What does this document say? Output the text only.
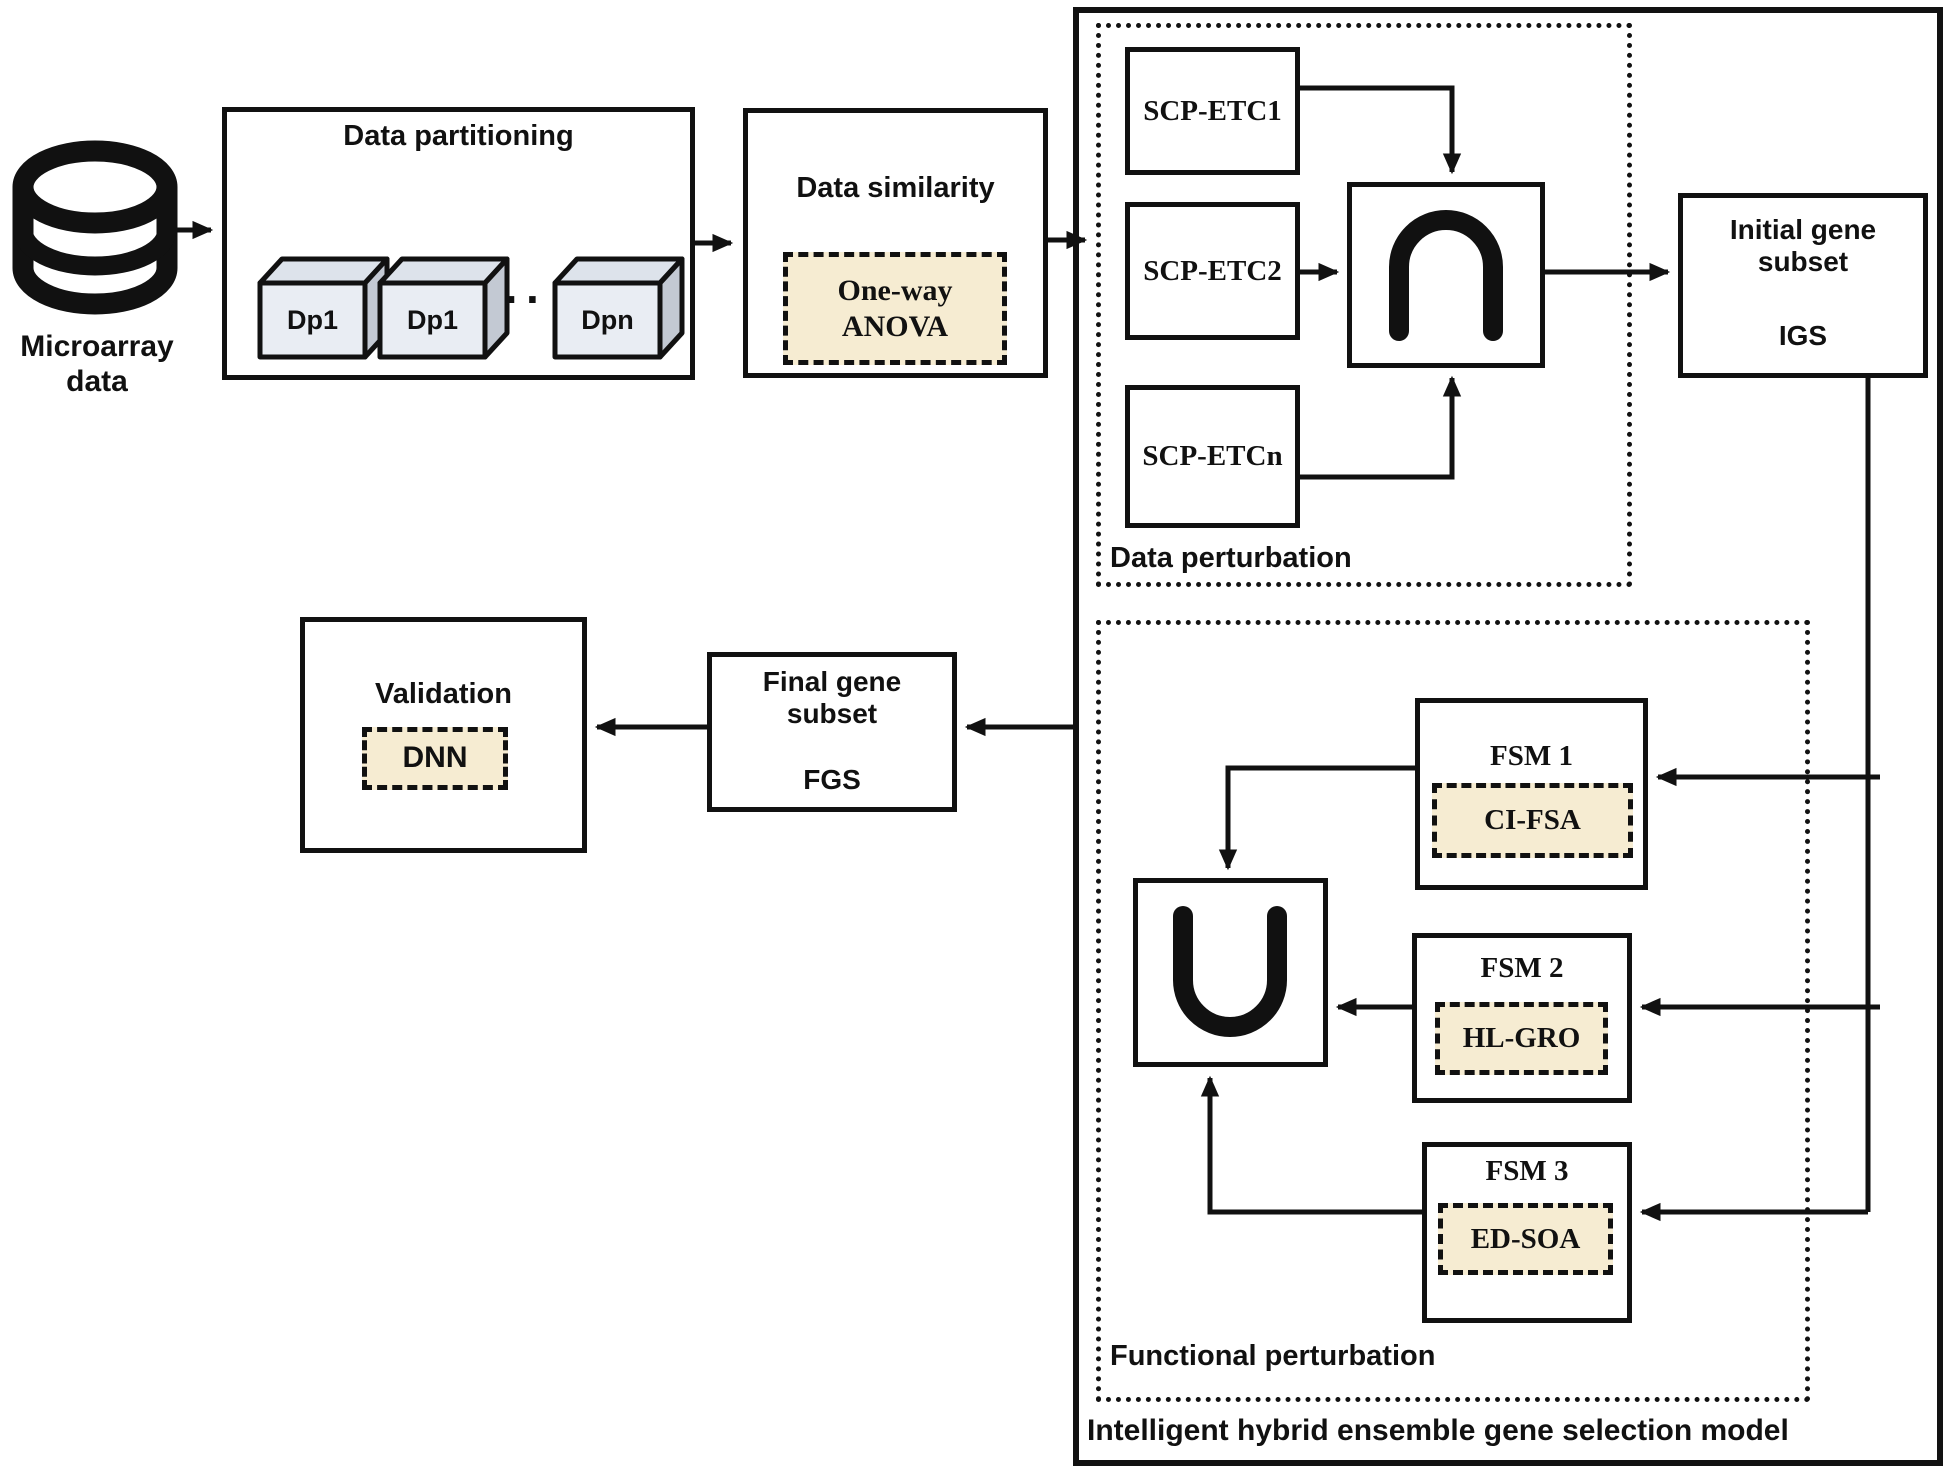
SCP-ETC1
SCP-ETC2
SCP-ETCn
Microarray data
Data partitioning
Dp1	Dp1	Dpn
··
Data similarity
One-way ANOVA
Data perturbation
Initial gene subset
IGS
FSM 1
CI-FSA
FSM 2
HL-GRO
FSM 3
ED-SOA
Functional perturbation
Intelligent hybrid ensemble gene selection model
Final gene subset
FGS
Validation
DNN
